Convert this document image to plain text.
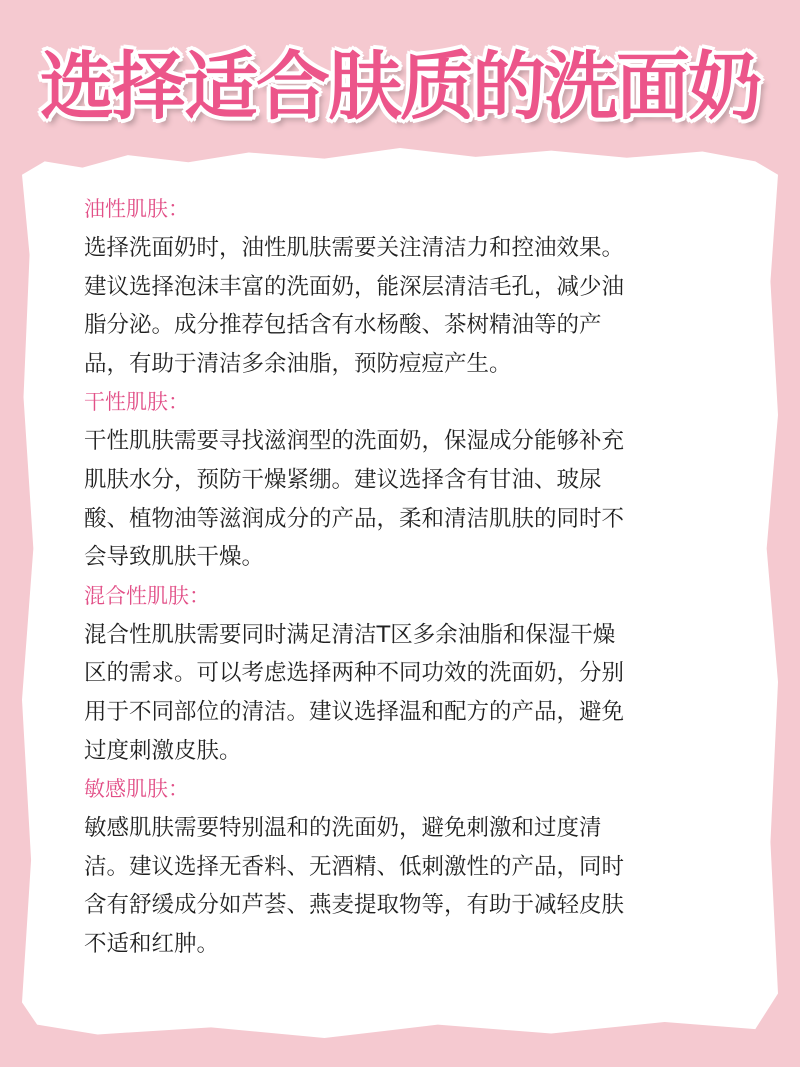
选择适合肤质的洗面奶
油性肌肤：
选择洗面奶时，油性肌肤需要关注清洁力和控油效果。
建议选择泡沫丰富的洗面奶，能深层清洁毛孔，减少油
脂分泌。成分推荐包括含有水杨酸、茶树精油等的产
品，有助于清洁多余油脂，预防痘痘产生。
干性肌肤：
干性肌肤需要寻找滋润型的洗面奶，保湿成分能够补充
肌肤水分，预防干燥紧绷。建议选择含有甘油、玻尿
酸、植物油等滋润成分的产品，柔和清洁肌肤的同时不
会导致肌肤干燥。
混合性肌肤：
混合性肌肤需要同时满足清洁T区多余油脂和保湿干燥
区的需求。可以考虑选择两种不同功效的洗面奶，分别
用于不同部位的清洁。建议选择温和配方的产品，避免
过度刺激皮肤。
敏感肌肤：
敏感肌肤需要特别温和的洗面奶，避免刺激和过度清
洁。建议选择无香料、无酒精、低刺激性的产品，同时
含有舒缓成分如芦荟、燕麦提取物等，有助于减轻皮肤
不适和红肿。
